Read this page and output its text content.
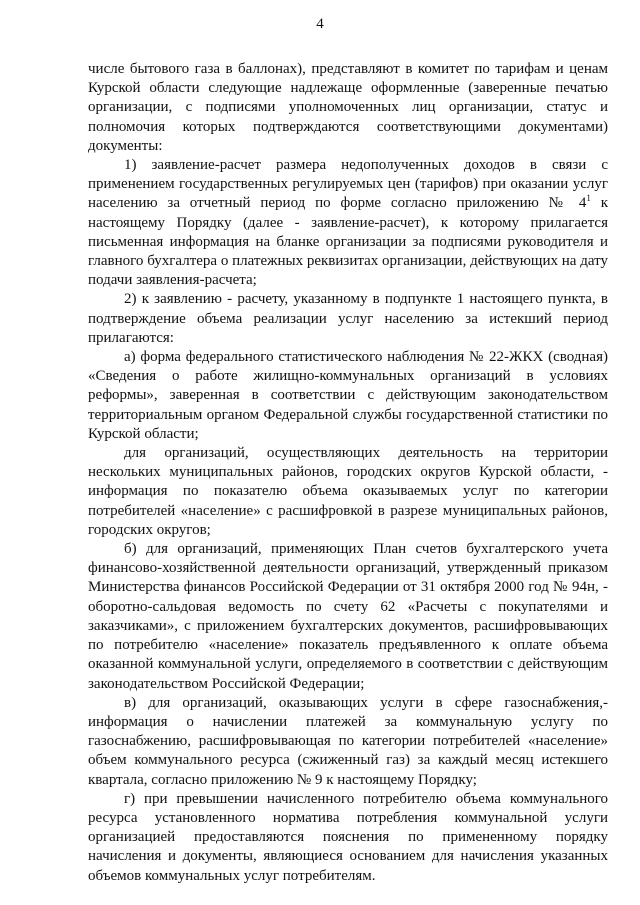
4

числе бытового газа в баллонах), представляют в комитет по тарифам и ценам Курской области следующие надлежаще оформленные (заверенные печатью организации, с подписями уполномоченных лиц организации, статус и полномочия которых подтверждаются соответствующими документами) документы:

1) заявление-расчет размера недополученных доходов в связи с применением государственных регулируемых цен (тарифов) при оказании услуг населению за отчетный период по форме согласно приложению № $4^1$ к настоящему Порядку (далее - заявление-расчет), к которому прилагается письменная информация на бланке организации за подписями руководителя и главного бухгалтера о платежных реквизитах организации, действующих на дату подачи заявления-расчета;

2) к заявлению - расчету, указанному в подпункте 1 настоящего пункта, в подтверждение объема реализации услуг населению за истекший период прилагаются:

а) форма федерального статистического наблюдения № 22-ЖКХ (сводная) «Сведения о работе жилищно-коммунальных организаций в условиях реформы», заверенная в соответствии с действующим законодательством территориальным органом Федеральной службы государственной статистики по Курской области;

для организаций, осуществляющих деятельность на территории нескольких муниципальных районов, городских округов Курской области, - информация по показателю объема оказываемых услуг по категории потребителей «население» с расшифровкой в разрезе муниципальных районов, городских округов;

б) для организаций, применяющих План счетов бухгалтерского учета финансово-хозяйственной деятельности организаций, утвержденный приказом Министерства финансов Российской Федерации от 31 октября 2000 год № 94н, - оборотно-сальдовая ведомость по счету 62 «Расчеты с покупателями и заказчиками», с приложением бухгалтерских документов, расшифровывающих по потребителю «население» показатель предъявленного к оплате объема оказанной коммунальной услуги, определяемого в соответствии с действующим законодательством Российской Федерации;

в) для организаций, оказывающих услуги в сфере газоснабжения,- информация о начислении платежей за коммунальную услугу по газоснабжению, расшифровывающая по категории потребителей «население» объем коммунального ресурса (сжиженный газ) за каждый месяц истекшего квартала, согласно приложению № 9 к настоящему Порядку;

г) при превышении начисленного потребителю объема коммунального ресурса установленного норматива потребления коммунальной услуги организацией предоставляются пояснения по примененному порядку начисления и документы, являющиеся основанием для начисления указанных объемов коммунальных услуг потребителям.
